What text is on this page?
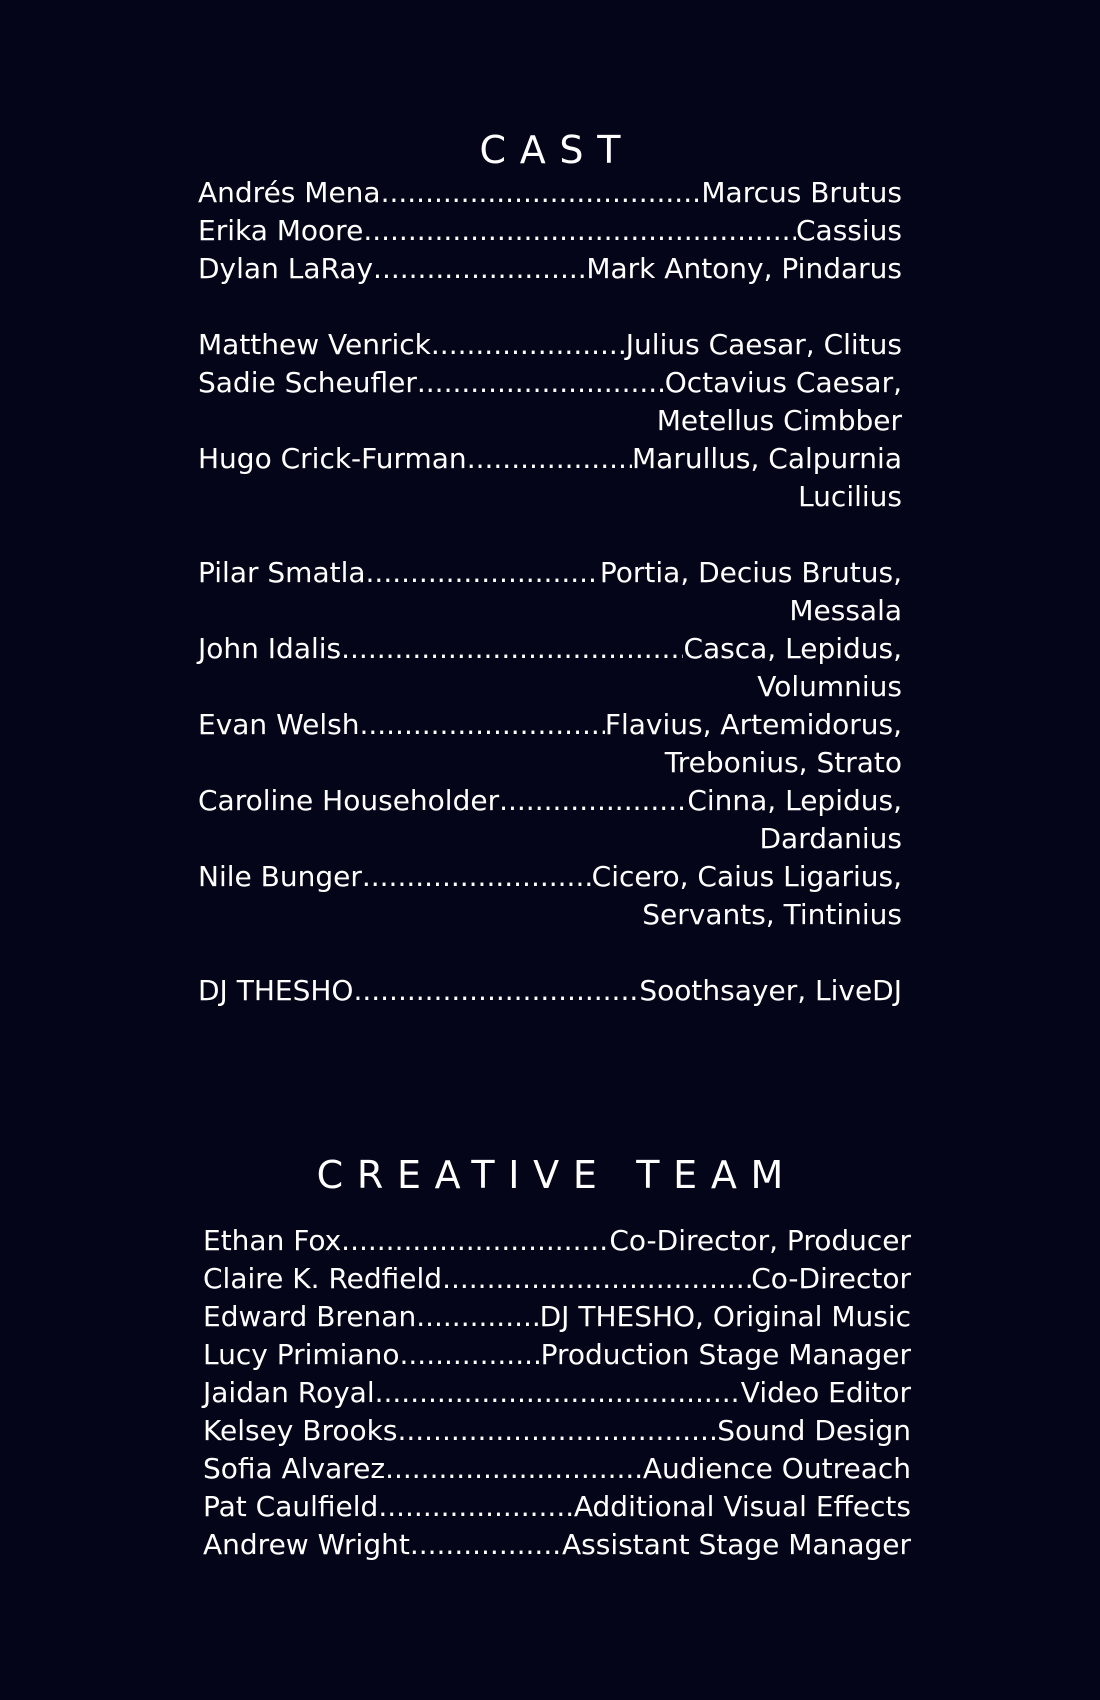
CAST
Andrés Mena .....	Marcus Brutus
Erika Moore .....	Cassius
Dylan LaRay .....	Mark Antony, Pindarus
Matthew Venrick .....	Julius Caesar, Clitus
Sadie Scheufler .....	Octavius Caesar,
Metellus Cimbber
Hugo Crick-Furman .....	Marullus, Calpurnia
Lucilius
Pilar Smatla .....	Portia, Decius Brutus,
Messala
John Idalis .....	Casca, Lepidus,
Volumnius
Evan Welsh .....	Flavius, Artemidorus,
Trebonius, Strato
Caroline Householder .....	Cinna, Lepidus,
Dardanius
Nile Bunger .....	Cicero, Caius Ligarius,
Servants, Tintinius
DJ THESHO .....	Soothsayer, LiveDJ
CREATIVE TEAM
Ethan Fox .....	Co-Director, Producer
Claire K. Redfield .....	Co-Director
Edward Brenan .....	DJ THESHO, Original Music
Lucy Primiano .....	Production Stage Manager
Jaidan Royal .....	Video Editor
Kelsey Brooks .....	Sound Design
Sofia Alvarez .....	Audience Outreach
Pat Caulfield .....	Additional Visual Effects
Andrew Wright .....	Assistant Stage Manager
